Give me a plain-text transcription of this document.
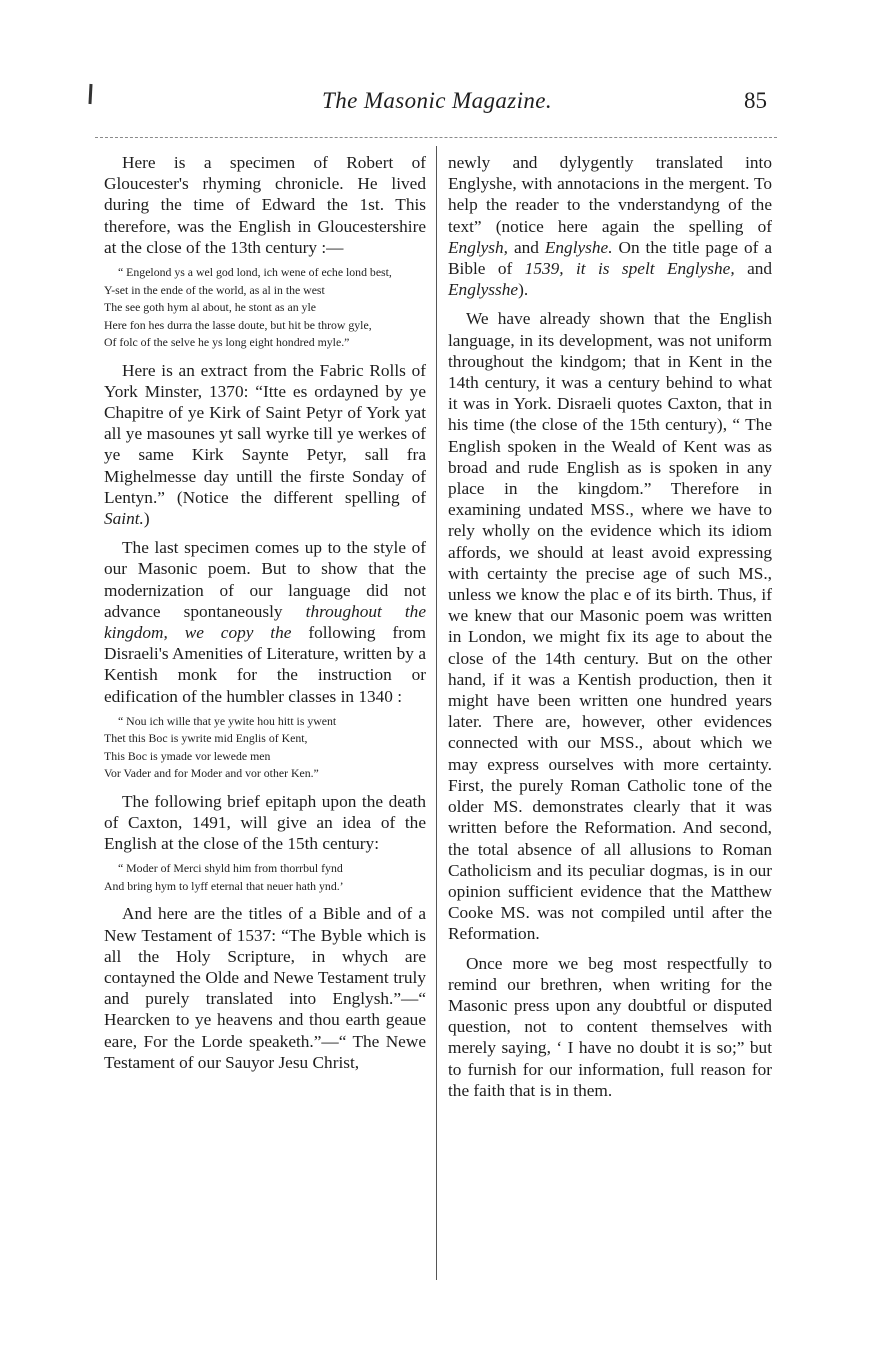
The Masonic Magazine.	85

Here is a specimen of Robert of Gloucester's rhyming chronicle. He lived during the time of Edward the 1st. This therefore, was the English in Gloucestershire at the close of the 13th century :—

“ Engelond ys a wel god lond, ich wene of eche lond best,
Y-set in the ende of the world, as al in the west
The see goth hym al about, he stont as an yle
Here fon hes durra the lasse doute, but hit be throw gyle,
Of folc of the selve he ys long eight hondred myle.”

Here is an extract from the Fabric Rolls of York Minster, 1370: “Itte es ordayned by ye Chapitre of ye Kirk of Saint Petyr of York yat all ye masounes yt sall wyrke till ye werkes of ye same Kirk Saynte Petyr, sall fra Mighelmesse day untill the firste Sonday of Lentyn.” (Notice the different spelling of Saint.)

The last specimen comes up to the style of our Masonic poem. But to show that the modernization of our language did not advance spontaneously throughout the kingdom, we copy the following from Disraeli's Amenities of Literature, written by a Kentish monk for the instruction or edification of the humbler classes in 1340 :

“ Nou ich wille that ye ywite hou hitt is ywent
Thet this Boc is ywrite mid Englis of Kent,
This Boc is ymade vor lewede men
Vor Vader and for Moder and vor other Ken.”

The following brief epitaph upon the death of Caxton, 1491, will give an idea of the English at the close of the 15th century:

“ Moder of Merci shyld him from thorrbul fynd
And bring hym to lyff eternal that neuer hath ynd.’

And here are the titles of a Bible and of a New Testament of 1537: “The Byble which is all the Holy Scripture, in whych are contayned the Olde and Newe Testament truly and purely translated into Englysh.”—“ Hearcken to ye heavens and thou earth geaue eare, For the Lorde speaketh.”—“ The Newe Testament of our Sauyor Jesu Christ,

newly and dylygently translated into Englyshe, with annotacions in the mergent. To help the reader to the vnderstandyng of the text” (notice here again the spelling of Englysh, and Englyshe. On the title page of a Bible of 1539, it is spelt Englyshe, and Englysshe).

We have already shown that the English language, in its development, was not uniform throughout the kindgom; that in Kent in the 14th century, it was a century behind to what it was in York. Disraeli quotes Caxton, that in his time (the close of the 15th century), “ The English spoken in the Weald of Kent was as broad and rude English as is spoken in any place in the kingdom.” Therefore in examining undated MSS., where we have to rely wholly on the evidence which its idiom affords, we should at least avoid expressing with certainty the precise age of such MS., unless we know the plac e of its birth. Thus, if we knew that our Masonic poem was written in London, we might fix its age to about the close of the 14th century. But on the other hand, if it was a Kentish production, then it might have been written one hundred years later. There are, however, other evidences connected with our MSS., about which we may express ourselves with more certainty. First, the purely Roman Catholic tone of the older MS. demonstrates clearly that it was written before the Reformation. And second, the total absence of all allusions to Roman Catholicism and its peculiar dogmas, is in our opinion sufficient evidence that the Matthew Cooke MS. was not compiled until after the Reformation.

Once more we beg most respectfully to remind our brethren, when writing for the Masonic press upon any doubtful or disputed question, not to content themselves with merely saying, ‘ I have no doubt it is so;” but to furnish for our information, full reason for the faith that is in them.
